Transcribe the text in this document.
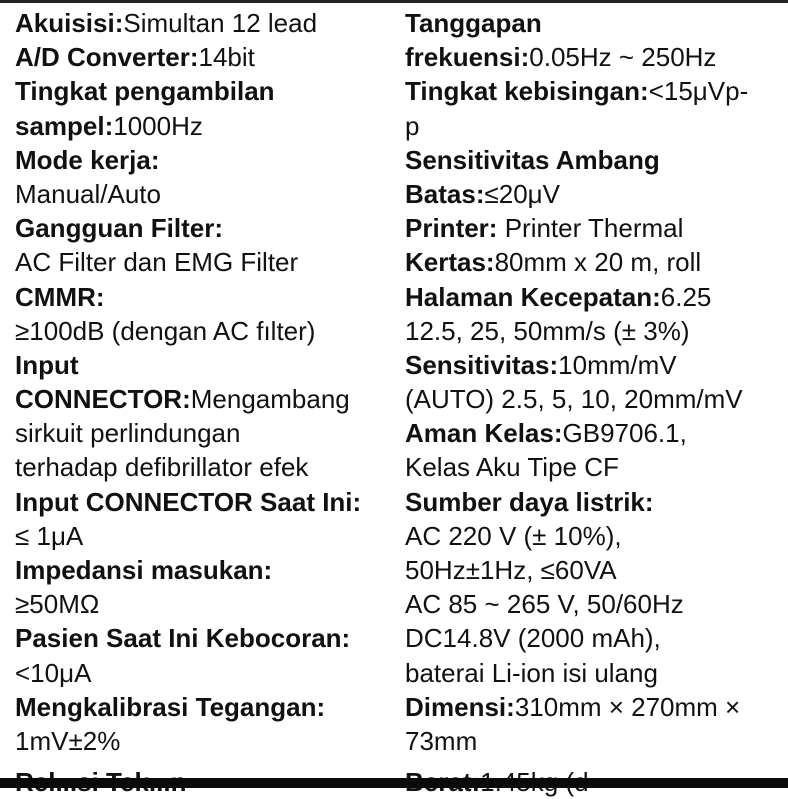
Akuisisi:Simultan 12 lead
A/D Converter:14bit
Tingkat pengambilan
sampel:1000Hz
Mode kerja:
Manual/Auto
Gangguan Filter:
AC Filter dan EMG Filter
CMMR:
≥100dB (dengan AC fılter)
Input
CONNECTOR:Mengambang
sirkuit perlindungan
terhadap defibrillator efek
Input CONNECTOR Saat Ini:
≤ 1μA
Impedansi masukan:
≥50MΩ
Pasien Saat Ini Kebocoran:
<10μA
Mengkalibrasi Tegangan:
1mV±2%
Tanggapan
frekuensi:0.05Hz ~ 250Hz
Tingkat kebisingan:<15μVp-
p
Sensitivitas Ambang
Batas:≤20μV
Printer: Printer Thermal
Kertas:80mm x 20 m, roll
Halaman Kecepatan:6.25
12.5, 25, 50mm/s (± 3%)
Sensitivitas:10mm/mV
(AUTO) 2.5, 5, 10, 20mm/mV
Aman Kelas:GB9706.1,
Kelas Aku Tipe CF
Sumber daya listrik:
AC 220 V (± 10%),
50Hz±1Hz, ≤60VA
AC 85 ~ 265 V, 50/60Hz
DC14.8V (2000 mAh),
baterai Li-ion isi ulang
Dimensi:310mm × 270mm ×
73mm
